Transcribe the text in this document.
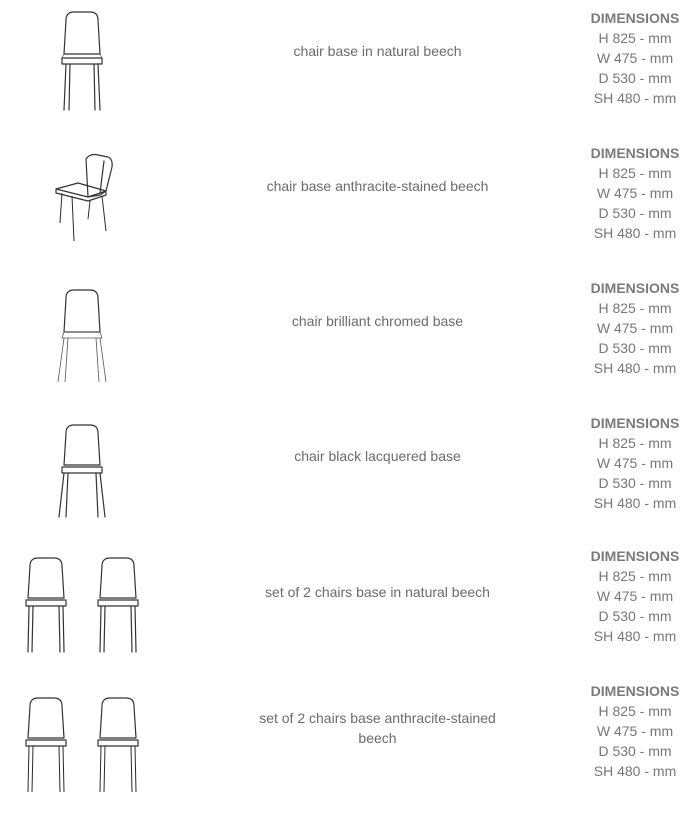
chair base in natural beech
DIMENSIONS
H 825 - mm
W 475 - mm
D 530 - mm
SH 480 - mm
chair base anthracite-stained beech
DIMENSIONS
H 825 - mm
W 475 - mm
D 530 - mm
SH 480 - mm
chair brilliant chromed base
DIMENSIONS
H 825 - mm
W 475 - mm
D 530 - mm
SH 480 - mm
chair black lacquered base
DIMENSIONS
H 825 - mm
W 475 - mm
D 530 - mm
SH 480 - mm
set of 2 chairs base in natural beech
DIMENSIONS
H 825 - mm
W 475 - mm
D 530 - mm
SH 480 - mm
set of 2 chairs base anthracite-stained beech
DIMENSIONS
H 825 - mm
W 475 - mm
D 530 - mm
SH 480 - mm
